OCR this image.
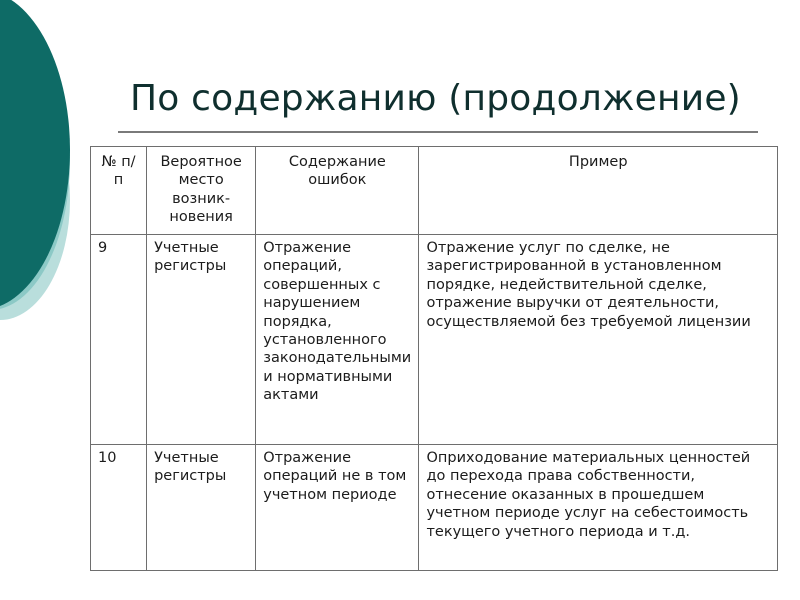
По содержанию (продолжение)
№ п/п	Вероятное место возник-новения	Содержание ошибок	Пример
9	Учетные регистры	Отражение операций, совершенных с нарушением порядка, установленного законодательными и нормативными актами	Отражение услуг по сделке, не зарегистрированной в установленном порядке, недействительной сделке, отражение выручки от деятельности, осуществляемой без требуемой лицензии
10	Учетные регистры	Отражение операций не в том учетном периоде	Оприходование материальных ценностей до перехода права собственности, отнесение оказанных в прошедшем учетном периоде услуг на себестоимость текущего учетного периода и т.д.
